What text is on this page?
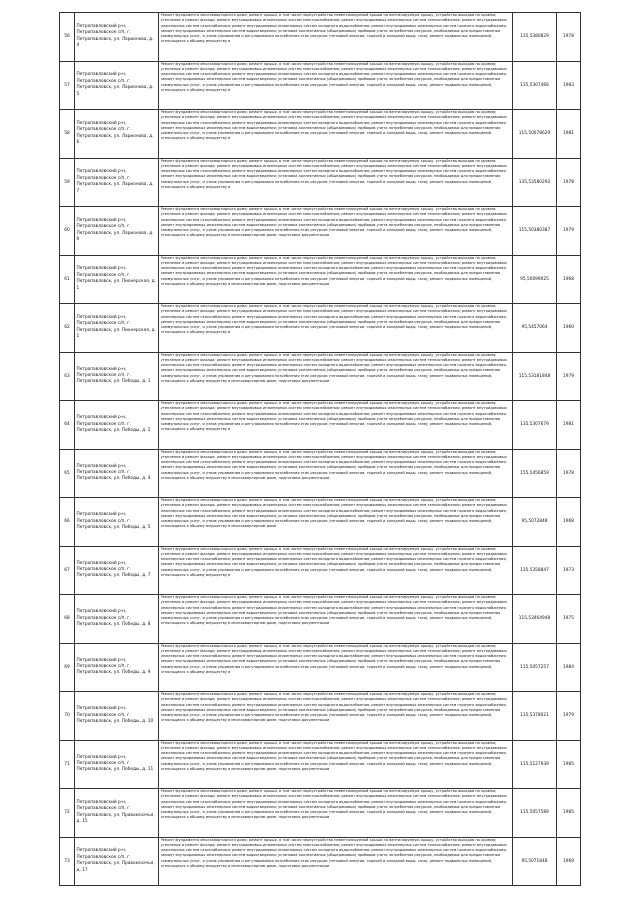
56	Петропавловский р-н, Петропавловское с/п, г. Петропавловск, ул. Ларионова, д. 4	Ремонт фундамента многоквартирного дома; ремонт крыши, в том числе переустройство невентилируемой крыши на вентилируемую крышу, устройство выходов на кровлю; утепление и ремонт фасада; ремонт внутридомовых инженерных систем электроснабжения; ремонт внутридомовых инженерных систем теплоснабжения; ремонт внутридомовых инженерных систем газоснабжения; ремонт внутридомовых инженерных систем холодного водоснабжения; ремонт внутридомовых инженерных систем горячего водоснабжения; ремонт внутридомовых инженерных систем водоотведения; установка коллективных (общедомовых) приборов учета потребления ресурсов, необходимых для предоставления коммунальных услуг, и узлов управления и регулирования потребления этих ресурсов (тепловой энергии, горячей и холодной воды, газа); ремонт подвальных помещений, относящихся к общему имуществу в	135,5380829	1978
57	Петропавловский р-н, Петропавловское с/п, г. Петропавловск, ул. Ларионова, д. 5	Ремонт фундамента многоквартирного дома; ремонт крыши, в том числе переустройство невентилируемой крыши на вентилируемую крышу, устройство выходов на кровлю; утепление и ремонт фасада; ремонт внутридомовых инженерных систем электроснабжения; ремонт внутридомовых инженерных систем теплоснабжения; ремонт внутридомовых инженерных систем газоснабжения; ремонт внутридомовых инженерных систем холодного водоснабжения; ремонт внутридомовых инженерных систем горячего водоснабжения; ремонт внутридомовых инженерных систем водоотведения; установка коллективных (общедомовых) приборов учета потребления ресурсов, необходимых для предоставления коммунальных услуг, и узлов управления и регулирования потребления этих ресурсов (тепловой энергии, горячей и холодной воды, газа); ремонт подвальных помещений, относящихся к общему имуществу в	135,5307466	1983
58	Петропавловский р-н, Петропавловское с/п, г. Петропавловск, ул. Ларионова, д. 6	Ремонт фундамента многоквартирного дома; ремонт крыши, в том числе переустройство невентилируемой крыши на вентилируемую крышу, устройство выходов на кровлю; утепление и ремонт фасада; ремонт внутридомовых инженерных систем электроснабжения; ремонт внутридомовых инженерных систем теплоснабжения; ремонт внутридомовых инженерных систем газоснабжения; ремонт внутридомовых инженерных систем холодного водоснабжения; ремонт внутридомовых инженерных систем горячего водоснабжения; ремонт внутридомовых инженерных систем водоотведения; установка коллективных (общедомовых) приборов учета потребления ресурсов, необходимых для предоставления коммунальных услуг, и узлов управления и регулирования потребления этих ресурсов (тепловой энергии, горячей и холодной воды, газа); ремонт подвальных помещений, относящихся к общему имуществу в	115,50078629	1981
59	Петропавловский р-н, Петропавловское с/п, г. Петропавловск, ул. Ларионова, д. 7	Ремонт фундамента многоквартирного дома; ремонт крыши, в том числе переустройство невентилируемой крыши на вентилируемую крышу, устройство выходов на кровлю; утепление и ремонт фасада; ремонт внутридомовых инженерных систем электроснабжения; ремонт внутридомовых инженерных систем теплоснабжения; ремонт внутридомовых инженерных систем газоснабжения; ремонт внутридомовых инженерных систем холодного водоснабжения; ремонт внутридомовых инженерных систем горячего водоснабжения; ремонт внутридомовых инженерных систем водоотведения; установка коллективных (общедомовых) приборов учета потребления ресурсов, необходимых для предоставления коммунальных услуг, и узлов управления и регулирования потребления этих ресурсов (тепловой энергии, горячей и холодной воды, газа); ремонт подвальных помещений, относящихся к общему имуществу в	135,53580292	1978
60	Петропавловский р-н, Петропавловское с/п, г. Петропавловск, ул. Ларионова, д. 9	Ремонт фундамента многоквартирного дома; ремонт крыши, в том числе переустройство невентилируемой крыши на вентилируемую крышу, устройство выходов на кровлю; утепление и ремонт фасада; ремонт внутридомовых инженерных систем электроснабжения; ремонт внутридомовых инженерных систем теплоснабжения; ремонт внутридомовых инженерных систем газоснабжения; ремонт внутридомовых инженерных систем холодного водоснабжения; ремонт внутридомовых инженерных систем горячего водоснабжения; ремонт внутридомовых инженерных систем водоотведения; установка коллективных (общедомовых) приборов учета потребления ресурсов, необходимых для предоставления коммунальных услуг, и узлов управления и регулирования потребления этих ресурсов (тепловой энергии, горячей и холодной воды, газа); ремонт подвальных помещений, относящихся к общему имуществу в многоквартирном доме, подготовка документации	115,50380387	1979
61	Петропавловский р-н, Петропавловское с/п, г. Петропавловск, ул. Пионерская, д. 1	Ремонт фундамента многоквартирного дома; ремонт крыши, в том числе переустройство невентилируемой крыши на вентилируемую крышу, устройство выходов на кровлю; утепление и ремонт фасада; ремонт внутридомовых инженерных систем электроснабжения; ремонт внутридомовых инженерных систем теплоснабжения; ремонт внутридомовых инженерных систем газоснабжения; ремонт внутридомовых инженерных систем холодного водоснабжения; ремонт внутридомовых инженерных систем горячего водоснабжения; ремонт внутридомовых инженерных систем водоотведения; установка коллективных (общедомовых) приборов учета потребления ресурсов, необходимых для предоставления коммунальных услуг, и узлов управления и регулирования потребления этих ресурсов (тепловой энергии, горячей и холодной воды, газа); ремонт подвальных помещений, относящихся к общему имуществу в многоквартирном доме, подготовка документации	95,50099025	1968
62	Петропавловский р-н, Петропавловское с/п, г. Петропавловск, ул. Пионерская, д. 1	Ремонт фундамента многоквартирного дома; ремонт крыши, в том числе переустройство невентилируемой крыши на вентилируемую крышу, устройство выходов на кровлю; утепление и ремонт фасада; ремонт внутридомовых инженерных систем электроснабжения; ремонт внутридомовых инженерных систем теплоснабжения; ремонт внутридомовых инженерных систем газоснабжения; ремонт внутридомовых инженерных систем холодного водоснабжения; ремонт внутридомовых инженерных систем горячего водоснабжения; ремонт внутридомовых инженерных систем водоотведения; установка коллективных (общедомовых) приборов учета потребления ресурсов, необходимых для предоставления коммунальных услуг, и узлов управления и регулирования потребления этих ресурсов (тепловой энергии, горячей и холодной воды, газа); ремонт подвальных помещений, относящихся к общему имуществу в	95,5457064	1960
63	Петропавловский р-н, Петропавловское с/п, г. Петропавловск, ул. Победы, д. 1	Ремонт фундамента многоквартирного дома; ремонт крыши, в том числе переустройство невентилируемой крыши на вентилируемую крышу, устройство выходов на кровлю; утепление и ремонт фасада; ремонт внутридомовых инженерных систем электроснабжения; ремонт внутридомовых инженерных систем теплоснабжения; ремонт внутридомовых инженерных систем газоснабжения; ремонт внутридомовых инженерных систем холодного водоснабжения; ремонт внутридомовых инженерных систем горячего водоснабжения; ремонт внутридомовых инженерных систем водоотведения; установка коллективных (общедомовых) приборов учета потребления ресурсов, необходимых для предоставления коммунальных услуг, и узлов управления и регулирования потребления этих ресурсов (тепловой энергии, горячей и холодной воды, газа); ремонт подвальных помещений, относящихся к общему имуществу в многоквартирном доме, подготовка документации	115,53181848	1979
64	Петропавловский р-н, Петропавловское с/п, г. Петропавловск, ул. Победы, д. 2	Ремонт фундамента многоквартирного дома; ремонт крыши, в том числе переустройство невентилируемой крыши на вентилируемую крышу, устройство выходов на кровлю; утепление и ремонт фасада; ремонт внутридомовых инженерных систем электроснабжения; ремонт внутридомовых инженерных систем теплоснабжения; ремонт внутридомовых инженерных систем газоснабжения; ремонт внутридомовых инженерных систем холодного водоснабжения; ремонт внутридомовых инженерных систем горячего водоснабжения; ремонт внутридомовых инженерных систем водоотведения; установка коллективных (общедомовых) приборов учета потребления ресурсов, необходимых для предоставления коммунальных услуг, и узлов управления и регулирования потребления этих ресурсов (тепловой энергии, горячей и холодной воды, газа); ремонт подвальных помещений, относящихся к общему имуществу в	135,5307679	1981
65	Петропавловский р-н, Петропавловское с/п, г. Петропавловск, ул. Победы, д. 4	Ремонт фундамента многоквартирного дома; ремонт крыши, в том числе переустройство невентилируемой крыши на вентилируемую крышу, устройство выходов на кровлю; утепление и ремонт фасада; ремонт внутридомовых инженерных систем электроснабжения; ремонт внутридомовых инженерных систем теплоснабжения; ремонт внутридомовых инженерных систем газоснабжения; ремонт внутридомовых инженерных систем холодного водоснабжения; ремонт внутридомовых инженерных систем горячего водоснабжения; ремонт внутридомовых инженерных систем водоотведения; установка коллективных (общедомовых) приборов учета потребления ресурсов, необходимых для предоставления коммунальных услуг, и узлов управления и регулирования потребления этих ресурсов (тепловой энергии, горячей и холодной воды, газа); ремонт подвальных помещений, относящихся к общему имуществу в многоквартирном доме, подготовка документации	155,5456859	1978
66	Петропавловский р-н, Петропавловское с/п, г. Петропавловск, ул. Победы, д. 5	Ремонт фундамента многоквартирного дома; ремонт крыши, в том числе переустройство невентилируемой крыши на вентилируемую крышу, устройство выходов на кровлю; утепление и ремонт фасада; ремонт внутридомовых инженерных систем электроснабжения; ремонт внутридомовых инженерных систем теплоснабжения; ремонт внутридомовых инженерных систем газоснабжения; ремонт внутридомовых инженерных систем холодного водоснабжения; ремонт внутридомовых инженерных систем горячего водоснабжения; ремонт внутридомовых инженерных систем водоотведения; установка коллективных (общедомовых) приборов учета потребления ресурсов, необходимых для предоставления коммунальных услуг, и узлов управления и регулирования потребления этих ресурсов (тепловой энергии, горячей и холодной воды, газа); ремонт подвальных помещений, относящихся к общему имуществу в многоквартирном доме	95,5072848	1968
67	Петропавловский р-н, Петропавловское с/п, г. Петропавловск, ул. Победы, д. 7	Ремонт фундамента многоквартирного дома; ремонт крыши, в том числе переустройство невентилируемой крыши на вентилируемую крышу, устройство выходов на кровлю; утепление и ремонт фасада; ремонт внутридомовых инженерных систем электроснабжения; ремонт внутридомовых инженерных систем теплоснабжения; ремонт внутридомовых инженерных систем газоснабжения; ремонт внутридомовых инженерных систем холодного водоснабжения; ремонт внутридомовых инженерных систем горячего водоснабжения; ремонт внутридомовых инженерных систем водоотведения; установка коллективных (общедомовых) приборов учета потребления ресурсов, необходимых для предоставления коммунальных услуг, и узлов управления и регулирования потребления этих ресурсов (тепловой энергии, горячей и холодной воды, газа); ремонт подвальных помещений, относящихся к общему имуществу в	135,5358847	1973
68	Петропавловский р-н, Петропавловское с/п, г. Петропавловск, ул. Победы, д. 8	Ремонт фундамента многоквартирного дома; ремонт крыши, в том числе переустройство невентилируемой крыши на вентилируемую крышу, устройство выходов на кровлю; утепление и ремонт фасада; ремонт внутридомовых инженерных систем электроснабжения; ремонт внутридомовых инженерных систем теплоснабжения; ремонт внутридомовых инженерных систем газоснабжения; ремонт внутридомовых инженерных систем холодного водоснабжения; ремонт внутридомовых инженерных систем горячего водоснабжения; ремонт внутридомовых инженерных систем водоотведения; установка коллективных (общедомовых) приборов учета потребления ресурсов, необходимых для предоставления коммунальных услуг, и узлов управления и регулирования потребления этих ресурсов (тепловой энергии, горячей и холодной воды, газа); ремонт подвальных помещений, относящихся к общему имуществу в многоквартирном доме, подготовка документации	115,53464948	1975
69	Петропавловский р-н, Петропавловское с/п, г. Петропавловск, ул. Победы, д. 9	Ремонт фундамента многоквартирного дома; ремонт крыши, в том числе переустройство невентилируемой крыши на вентилируемую крышу, устройство выходов на кровлю; утепление и ремонт фасада; ремонт внутридомовых инженерных систем электроснабжения; ремонт внутридомовых инженерных систем теплоснабжения; ремонт внутридомовых инженерных систем газоснабжения; ремонт внутридомовых инженерных систем холодного водоснабжения; ремонт внутридомовых инженерных систем горячего водоснабжения; ремонт внутридомовых инженерных систем водоотведения; установка коллективных (общедомовых) приборов учета потребления ресурсов, необходимых для предоставления коммунальных услуг, и узлов управления и регулирования потребления этих ресурсов (тепловой энергии, горячей и холодной воды, газа); ремонт подвальных помещений, относящихся к общему имуществу в	115,5057257	1984
70	Петропавловский р-н, Петропавловское с/п, г. Петропавловск, ул. Победы, д. 10	Ремонт фундамента многоквартирного дома; ремонт крыши, в том числе переустройство невентилируемой крыши на вентилируемую крышу, устройство выходов на кровлю; утепление и ремонт фасада; ремонт внутридомовых инженерных систем электроснабжения; ремонт внутридомовых инженерных систем теплоснабжения; ремонт внутридомовых инженерных систем газоснабжения; ремонт внутридомовых инженерных систем холодного водоснабжения; ремонт внутридомовых инженерных систем горячего водоснабжения; ремонт внутридомовых инженерных систем водоотведения; установка коллективных (общедомовых) приборов учета потребления ресурсов, необходимых для предоставления коммунальных услуг, и узлов управления и регулирования потребления этих ресурсов (тепловой энергии, горячей и холодной воды, газа); ремонт подвальных помещений, относящихся к общему имуществу в многоквартирном доме, подготовка документации	135,5378021	1979
71	Петропавловский р-н, Петропавловское с/п, г. Петропавловск, ул. Победы, д. 11	Ремонт фундамента многоквартирного дома; ремонт крыши, в том числе переустройство невентилируемой крыши на вентилируемую крышу, устройство выходов на кровлю; утепление и ремонт фасада; ремонт внутридомовых инженерных систем электроснабжения; ремонт внутридомовых инженерных систем теплоснабжения; ремонт внутридомовых инженерных систем газоснабжения; ремонт внутридомовых инженерных систем холодного водоснабжения; ремонт внутридомовых инженерных систем горячего водоснабжения; ремонт внутридомовых инженерных систем водоотведения; установка коллективных (общедомовых) приборов учета потребления ресурсов, необходимых для предоставления коммунальных услуг, и узлов управления и регулирования потребления этих ресурсов (тепловой энергии, горячей и холодной воды, газа); ремонт подвальных помещений, относящихся к общему имуществу в многоквартирном доме, подготовка документации	115,5127939	1985
72	Петропавловский р-н, Петропавловское с/п, г. Петропавловск, ул. Правоказачья, д. 15	Ремонт фундамента многоквартирного дома; ремонт крыши, в том числе переустройство невентилируемой крыши на вентилируемую крышу, устройство выходов на кровлю; утепление и ремонт фасада; ремонт внутридомовых инженерных систем электроснабжения; ремонт внутридомовых инженерных систем теплоснабжения; ремонт внутридомовых инженерных систем газоснабжения; ремонт внутридомовых инженерных систем холодного водоснабжения; ремонт внутридомовых инженерных систем горячего водоснабжения; ремонт внутридомовых инженерных систем водоотведения; установка коллективных (общедомовых) приборов учета потребления ресурсов, необходимых для предоставления коммунальных услуг, и узлов управления и регулирования потребления этих ресурсов (тепловой энергии, горячей и холодной воды, газа); ремонт подвальных помещений, относящихся к общему имуществу в многоквартирном доме, подготовка документации	115,5057589	1985
73	Петропавловский р-н, Петропавловское с/п, г. Петропавловск, ул. Правоказачья, д. 17	Ремонт фундамента многоквартирного дома; ремонт крыши, в том числе переустройство невентилируемой крыши на вентилируемую крышу, устройство выходов на кровлю; утепление и ремонт фасада; ремонт внутридомовых инженерных систем электроснабжения; ремонт внутридомовых инженерных систем теплоснабжения; ремонт внутридомовых инженерных систем газоснабжения; ремонт внутридомовых инженерных систем холодного водоснабжения; ремонт внутридомовых инженерных систем горячего водоснабжения; ремонт внутридомовых инженерных систем водоотведения; установка коллективных (общедомовых) приборов учета потребления ресурсов, необходимых для предоставления коммунальных услуг, и узлов управления и регулирования потребления этих ресурсов (тепловой энергии, горячей и холодной воды, газа); ремонт подвальных помещений, относящихся к общему имуществу в многоквартирном доме, подготовка документации	95,5071848	1969
